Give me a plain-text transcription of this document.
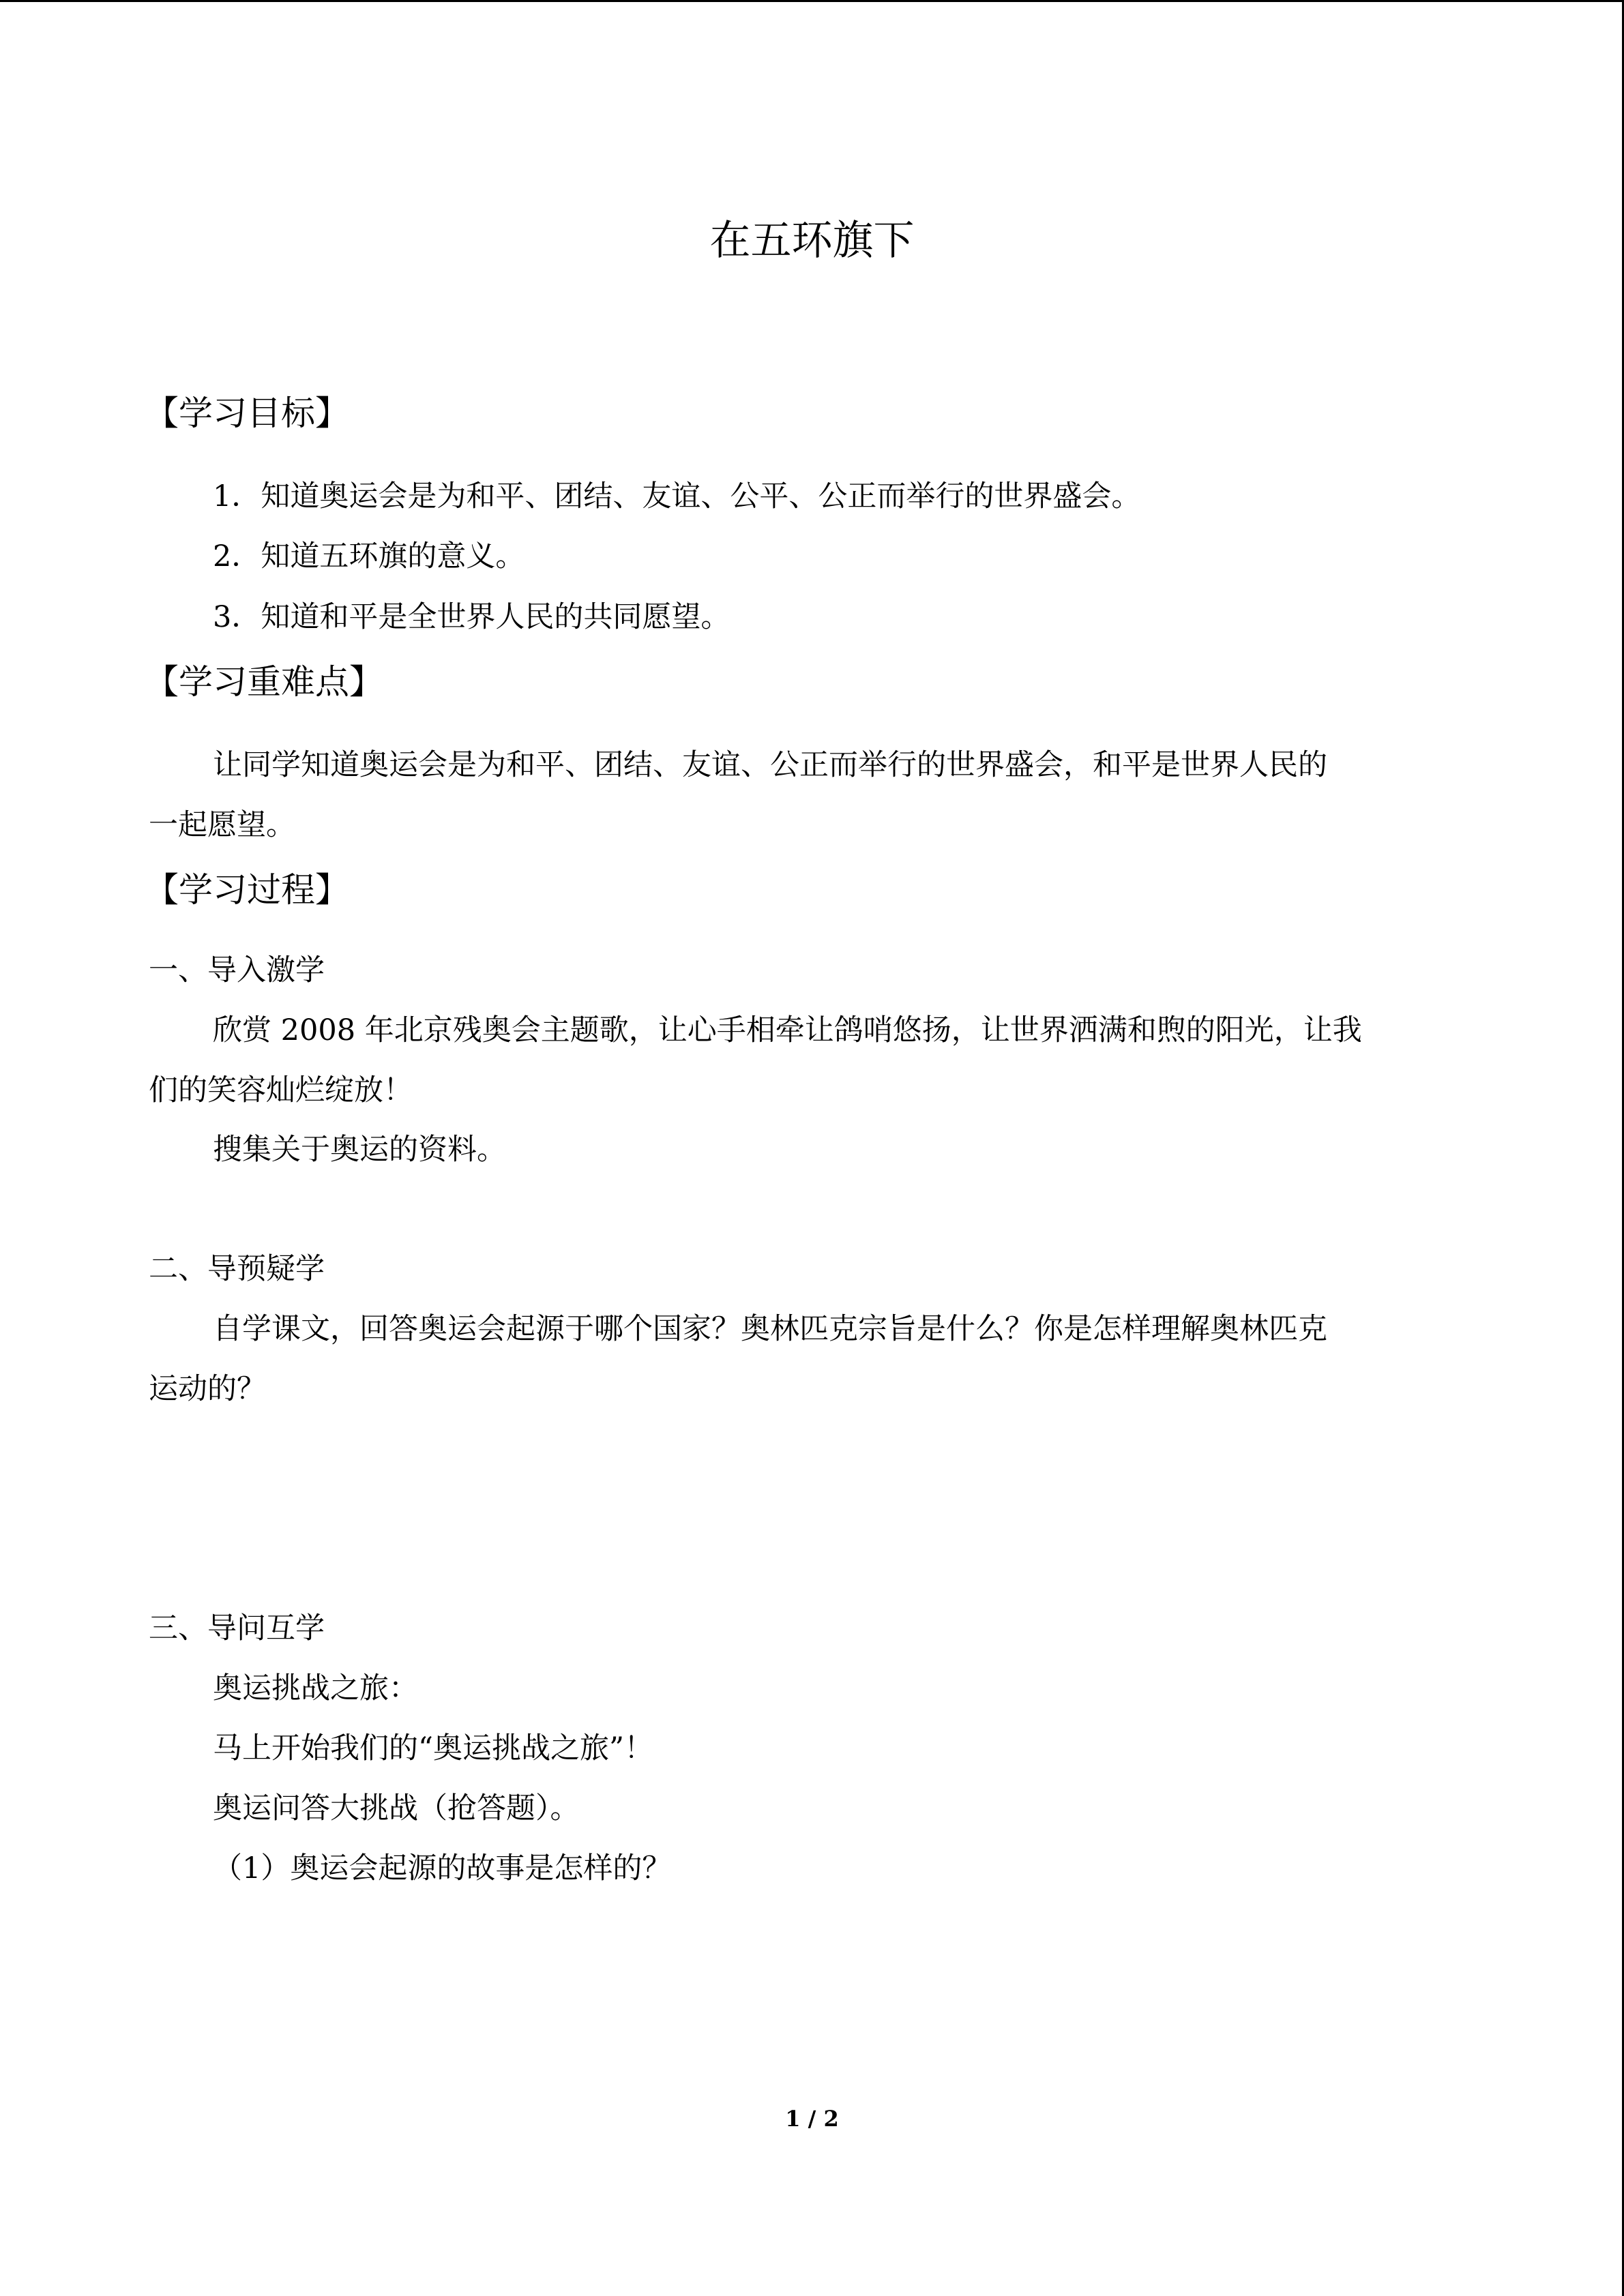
在五环旗下
【学习目标】

1．知道奥运会是为和平、团结、友谊、公平、公正而举行的世界盛会。

2．知道五环旗的意义。

3．知道和平是全世界人民的共同愿望。

【学习重难点】

让同学知道奥运会是为和平、团结、友谊、公正而举行的世界盛会，和平是世界人民的

一起愿望。

【学习过程】

一、导入激学

欣赏 2008 年北京残奥会主题歌，让心手相牵让鸽哨悠扬，让世界洒满和煦的阳光，让我

们的笑容灿烂绽放！

搜集关于奥运的资料。

二、导预疑学

自学课文，回答奥运会起源于哪个国家？奥林匹克宗旨是什么？你是怎样理解奥林匹克

运动的？

三、导问互学

奥运挑战之旅：

马上开始我们的“奥运挑战之旅”！

奥运问答大挑战（抢答题）。

（1）奥运会起源的故事是怎样的？

1 / 2
